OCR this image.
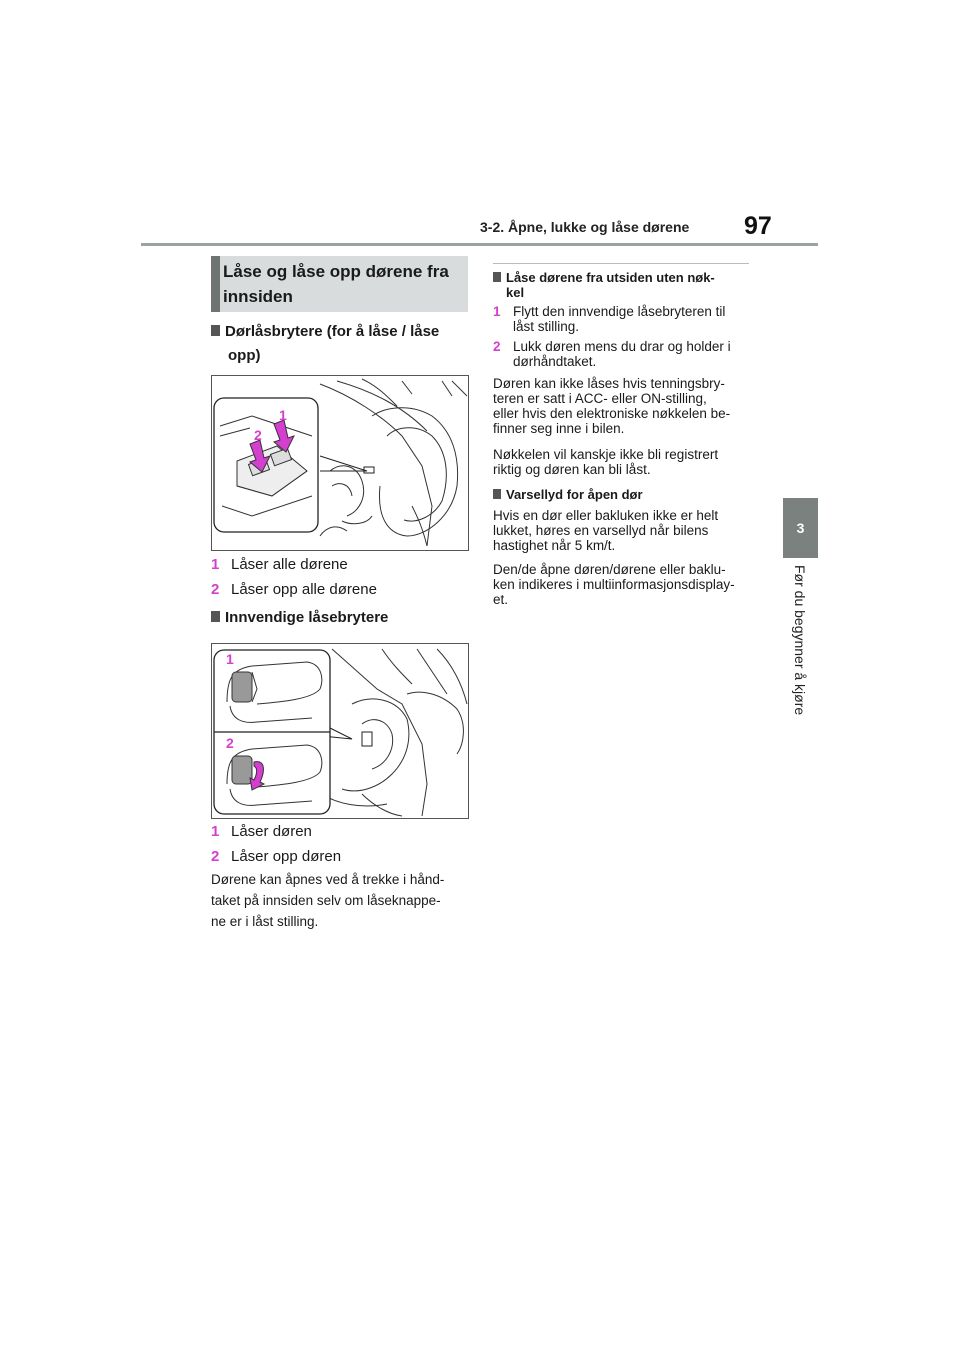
3-2. Åpne, lukke og låse dørene 97
3
Før du begynner å kjøre
Låse og låse opp dørene fra
innsiden
Dørlåsbrytere (for å låse / låse
opp)
1
2
1 Låser alle dørene
2 Låser opp alle dørene
Innvendige låsebrytere
1
2
1 Låser døren
2 Låser opp døren
Dørene kan åpnes ved å trekke i hånd-
taket på innsiden selv om låseknappe-
ne er i låst stilling.
Låse dørene fra utsiden uten nøk-
kel
1 Flytt den innvendige låsebryteren til
låst stilling.
2 Lukk døren mens du drar og holder i
dørhåndtaket.
Døren kan ikke låses hvis tenningsbry-
teren er satt i ACC- eller ON-stilling,
eller hvis den elektroniske nøkkelen be-
finner seg inne i bilen.
Nøkkelen vil kanskje ikke bli registrert
riktig og døren kan bli låst.
Varsellyd for åpen dør
Hvis en dør eller bakluken ikke er helt
lukket, høres en varsellyd når bilens
hastighet når 5 km/t.
Den/de åpne døren/dørene eller baklu-
ken indikeres i multiinformasjonsdisplay-
et.
